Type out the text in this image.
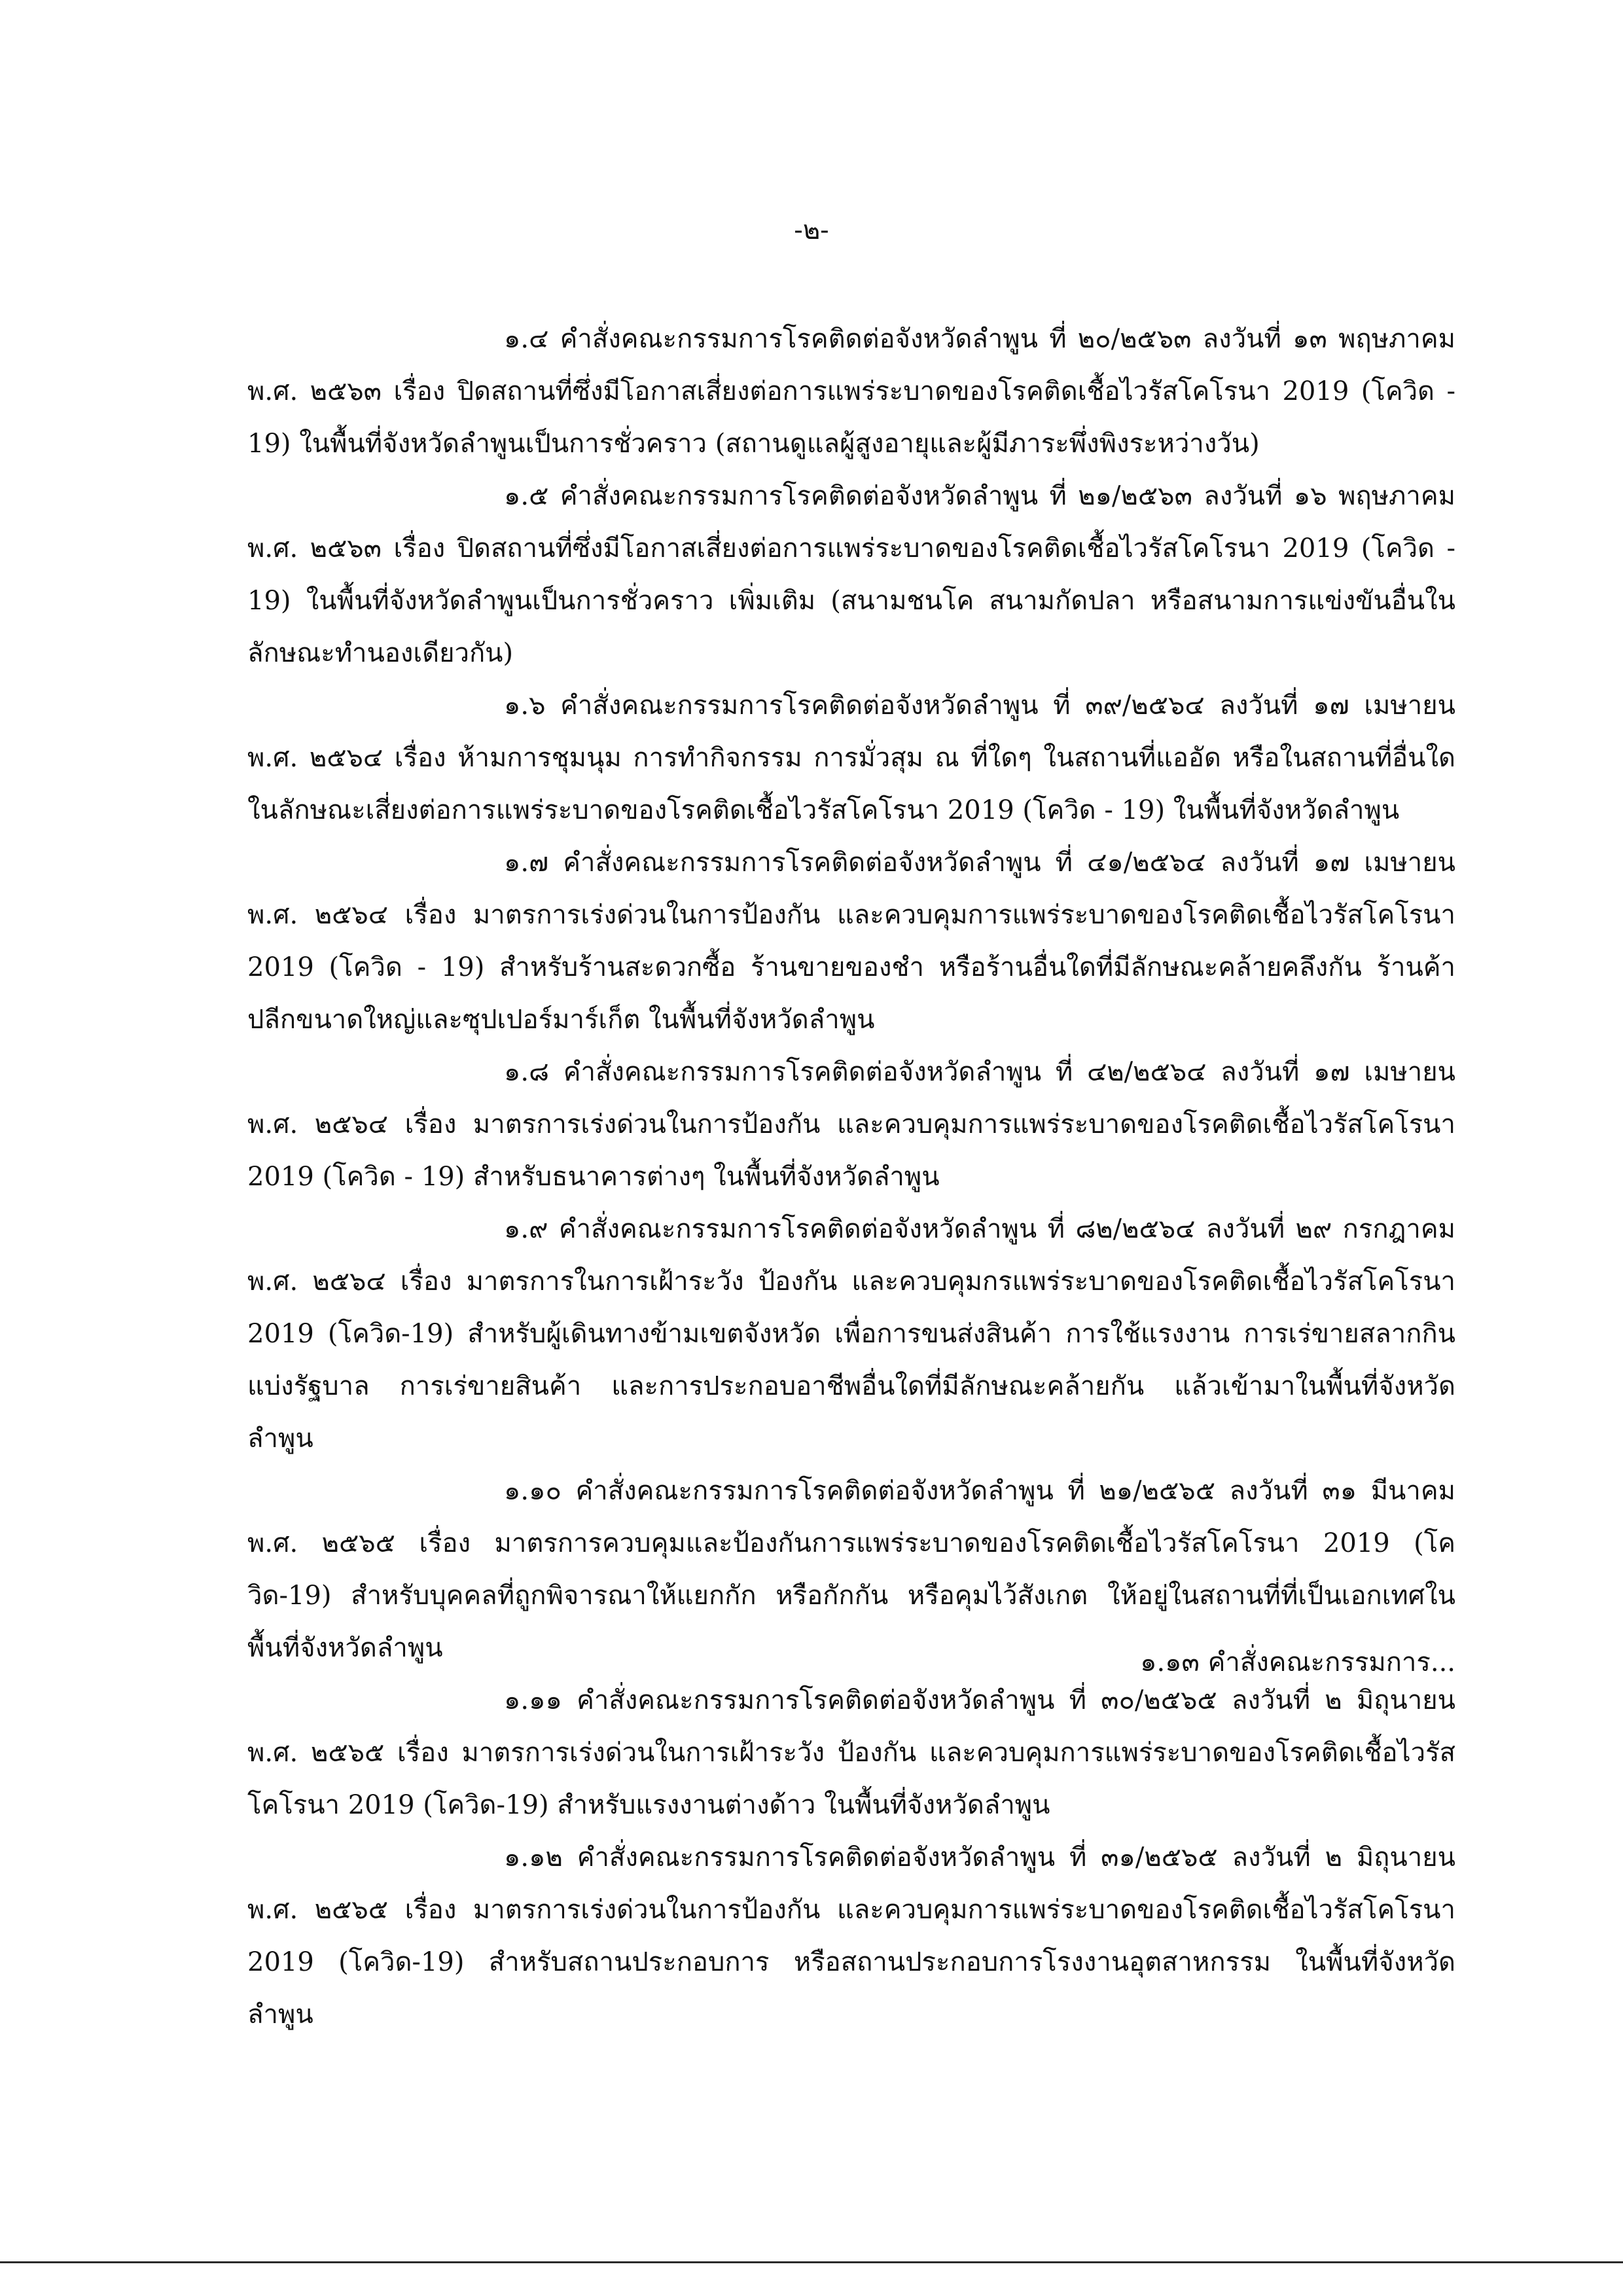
-๒-

๑.๔ คำสั่งคณะกรรมการโรคติดต่อจังหวัดลำพูน ที่ ๒๐/๒๕๖๓ ลงวันที่ ๑๓ พฤษภาคม พ.ศ. ๒๕๖๓ เรื่อง ปิดสถานที่ซึ่งมีโอกาสเสี่ยงต่อการแพร่ระบาดของโรคติดเชื้อไวรัสโคโรนา 2019 (โควิด - 19) ในพื้นที่จังหวัดลำพูนเป็นการชั่วคราว (สถานดูแลผู้สูงอายุและผู้มีภาระพึ่งพิงระหว่างวัน)

๑.๕ คำสั่งคณะกรรมการโรคติดต่อจังหวัดลำพูน ที่ ๒๑/๒๕๖๓ ลงวันที่ ๑๖ พฤษภาคม พ.ศ. ๒๕๖๓ เรื่อง ปิดสถานที่ซึ่งมีโอกาสเสี่ยงต่อการแพร่ระบาดของโรคติดเชื้อไวรัสโคโรนา 2019 (โควิด - 19) ในพื้นที่จังหวัดลำพูนเป็นการชั่วคราว เพิ่มเติม (สนามชนโค สนามกัดปลา หรือสนามการแข่งขันอื่นในลักษณะทำนองเดียวกัน)

๑.๖ คำสั่งคณะกรรมการโรคติดต่อจังหวัดลำพูน ที่ ๓๙/๒๕๖๔ ลงวันที่ ๑๗ เมษายน พ.ศ. ๒๕๖๔ เรื่อง ห้ามการชุมนุม การทำกิจกรรม การมั่วสุม ณ ที่ใดๆ ในสถานที่แออัด หรือในสถานที่อื่นใดในลักษณะเสี่ยงต่อการแพร่ระบาดของโรคติดเชื้อไวรัสโคโรนา 2019 (โควิด - 19) ในพื้นที่จังหวัดลำพูน

๑.๗ คำสั่งคณะกรรมการโรคติดต่อจังหวัดลำพูน ที่ ๔๑/๒๕๖๔ ลงวันที่ ๑๗ เมษายน พ.ศ. ๒๕๖๔ เรื่อง มาตรการเร่งด่วนในการป้องกัน และควบคุมการแพร่ระบาดของโรคติดเชื้อไวรัสโคโรนา 2019 (โควิด - 19) สำหรับร้านสะดวกซื้อ ร้านขายของชำ หรือร้านอื่นใดที่มีลักษณะคล้ายคลึงกัน ร้านค้าปลีกขนาดใหญ่และซุปเปอร์มาร์เก็ต ในพื้นที่จังหวัดลำพูน

๑.๘ คำสั่งคณะกรรมการโรคติดต่อจังหวัดลำพูน ที่ ๔๒/๒๕๖๔ ลงวันที่ ๑๗ เมษายน พ.ศ. ๒๕๖๔ เรื่อง มาตรการเร่งด่วนในการป้องกัน และควบคุมการแพร่ระบาดของโรคติดเชื้อไวรัสโคโรนา 2019 (โควิด - 19) สำหรับธนาคารต่างๆ ในพื้นที่จังหวัดลำพูน

๑.๙ คำสั่งคณะกรรมการโรคติดต่อจังหวัดลำพูน ที่ ๘๒/๒๕๖๔ ลงวันที่ ๒๙ กรกฎาคม พ.ศ. ๒๕๖๔ เรื่อง มาตรการในการเฝ้าระวัง ป้องกัน และควบคุมกรแพร่ระบาดของโรคติดเชื้อไวรัสโคโรนา 2019 (โควิด-19) สำหรับผู้เดินทางข้ามเขตจังหวัด เพื่อการขนส่งสินค้า การใช้แรงงาน การเร่ขายสลากกินแบ่งรัฐบาล การเร่ขายสินค้า และการประกอบอาชีพอื่นใดที่มีลักษณะคล้ายกัน แล้วเข้ามาในพื้นที่จังหวัดลำพูน

๑.๑๐ คำสั่งคณะกรรมการโรคติดต่อจังหวัดลำพูน ที่ ๒๑/๒๕๖๕ ลงวันที่ ๓๑ มีนาคม พ.ศ. ๒๕๖๕ เรื่อง มาตรการควบคุมและป้องกันการแพร่ระบาดของโรคติดเชื้อไวรัสโคโรนา 2019 (โควิด-19) สำหรับบุคคลที่ถูกพิจารณาให้แยกกัก หรือกักกัน หรือคุมไว้สังเกต ให้อยู่ในสถานที่ที่เป็นเอกเทศในพื้นที่จังหวัดลำพูน

๑.๑๑ คำสั่งคณะกรรมการโรคติดต่อจังหวัดลำพูน ที่ ๓๐/๒๕๖๕ ลงวันที่ ๒ มิถุนายน พ.ศ. ๒๕๖๕ เรื่อง มาตรการเร่งด่วนในการเฝ้าระวัง ป้องกัน และควบคุมการแพร่ระบาดของโรคติดเชื้อไวรัสโคโรนา 2019 (โควิด-19) สำหรับแรงงานต่างด้าว ในพื้นที่จังหวัดลำพูน

๑.๑๒ คำสั่งคณะกรรมการโรคติดต่อจังหวัดลำพูน ที่ ๓๑/๒๕๖๕ ลงวันที่ ๒ มิถุนายน พ.ศ. ๒๕๖๕ เรื่อง มาตรการเร่งด่วนในการป้องกัน และควบคุมการแพร่ระบาดของโรคติดเชื้อไวรัสโคโรนา 2019 (โควิด-19) สำหรับสถานประกอบการ หรือสถานประกอบการโรงงานอุตสาหกรรม ในพื้นที่จังหวัดลำพูน

๑.๑๓ คำสั่งคณะกรรมการ...
